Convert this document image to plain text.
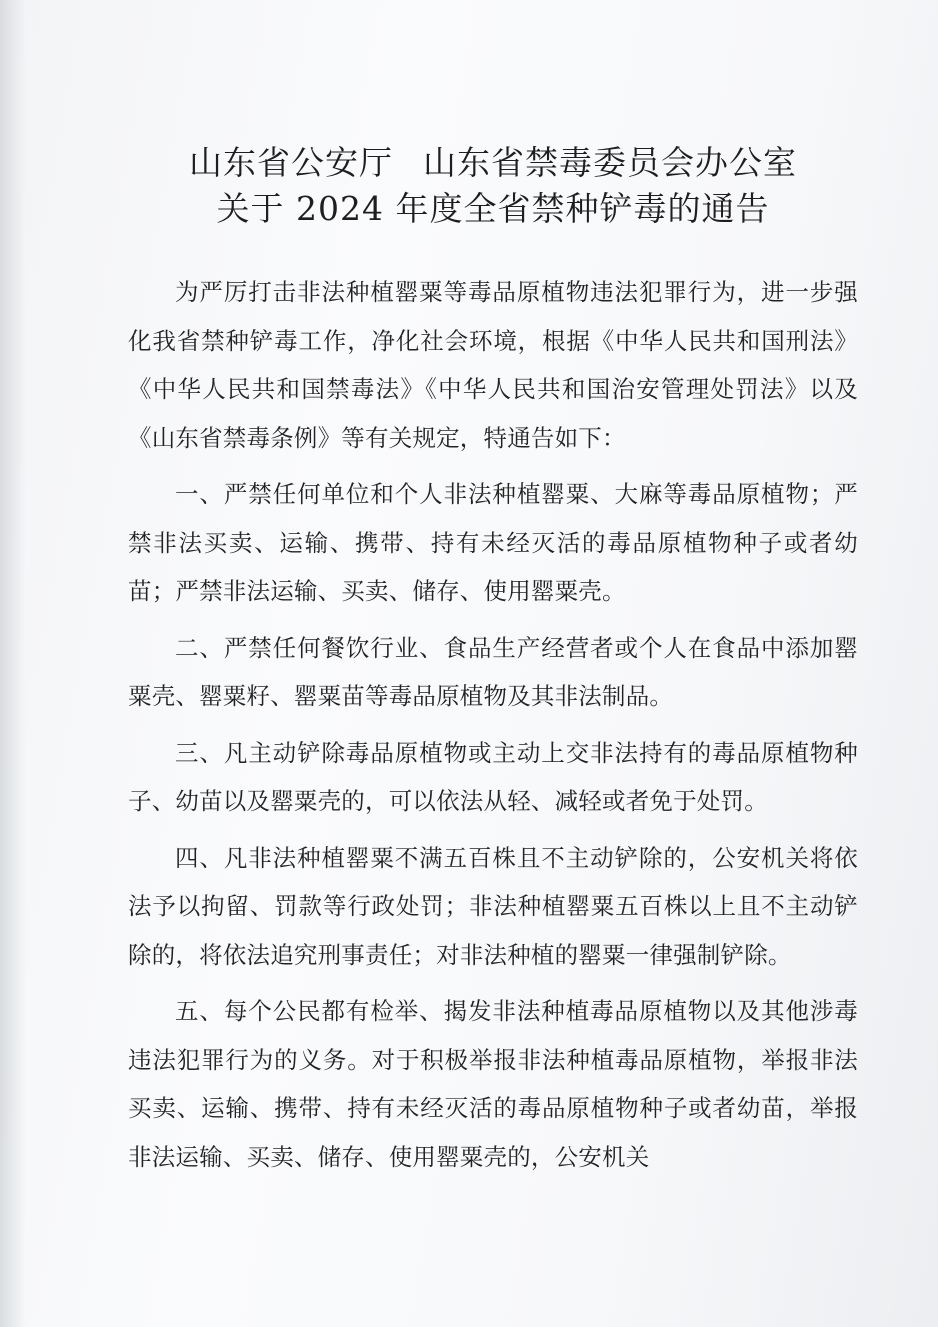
山东省公安厅 山东省禁毒委员会办公室
关于 2024 年度全省禁种铲毒的通告

为严厉打击非法种植罂粟等毒品原植物违法犯罪行为，进一步强化我省禁种铲毒工作，净化社会环境，根据《中华人民共和国刑法》《中华人民共和国禁毒法》《中华人民共和国治安管理处罚法》以及《山东省禁毒条例》等有关规定，特通告如下：

一、严禁任何单位和个人非法种植罂粟、大麻等毒品原植物；严禁非法买卖、运输、携带、持有未经灭活的毒品原植物种子或者幼苗；严禁非法运输、买卖、储存、使用罂粟壳。

二、严禁任何餐饮行业、食品生产经营者或个人在食品中添加罂粟壳、罂粟籽、罂粟苗等毒品原植物及其非法制品。

三、凡主动铲除毒品原植物或主动上交非法持有的毒品原植物种子、幼苗以及罂粟壳的，可以依法从轻、减轻或者免于处罚。

四、凡非法种植罂粟不满五百株且不主动铲除的，公安机关将依法予以拘留、罚款等行政处罚；非法种植罂粟五百株以上且不主动铲除的，将依法追究刑事责任；对非法种植的罂粟一律强制铲除。

五、每个公民都有检举、揭发非法种植毒品原植物以及其他涉毒违法犯罪行为的义务。对于积极举报非法种植毒品原植物，举报非法买卖、运输、携带、持有未经灭活的毒品原植物种子或者幼苗，举报非法运输、买卖、储存、使用罂粟壳的，公安机关
